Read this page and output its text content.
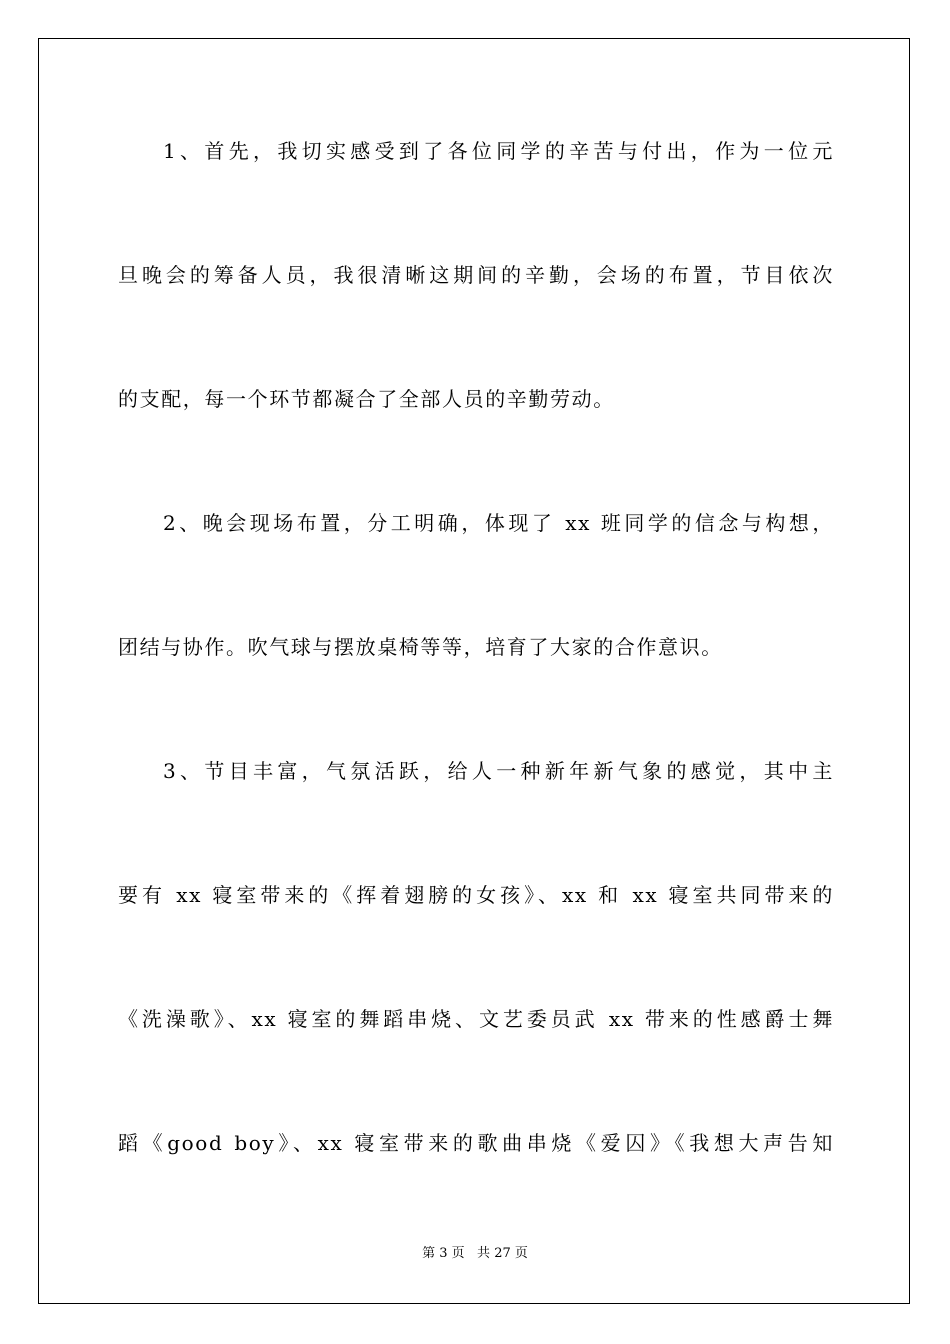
1、首先，我切实感受到了各位同学的辛苦与付出，作为一位元
旦晚会的筹备人员，我很清晰这期间的辛勤，会场的布置，节目依次
的支配，每一个环节都凝合了全部人员的辛勤劳动。
2、晚会现场布置，分工明确，体现了 xx 班同学的信念与构想，
团结与协作。吹气球与摆放桌椅等等，培育了大家的合作意识。
3、节目丰富，气氛活跃，给人一种新年新气象的感觉，其中主
要有 xx 寝室带来的《挥着翅膀的女孩》、xx 和 xx 寝室共同带来的
《洗澡歌》、xx 寝室的舞蹈串烧、文艺委员武 xx 带来的性感爵士舞
蹈《good boy》、xx 寝室带来的歌曲串烧《爱囚》《我想大声告知
第 3 页   共 27 页
